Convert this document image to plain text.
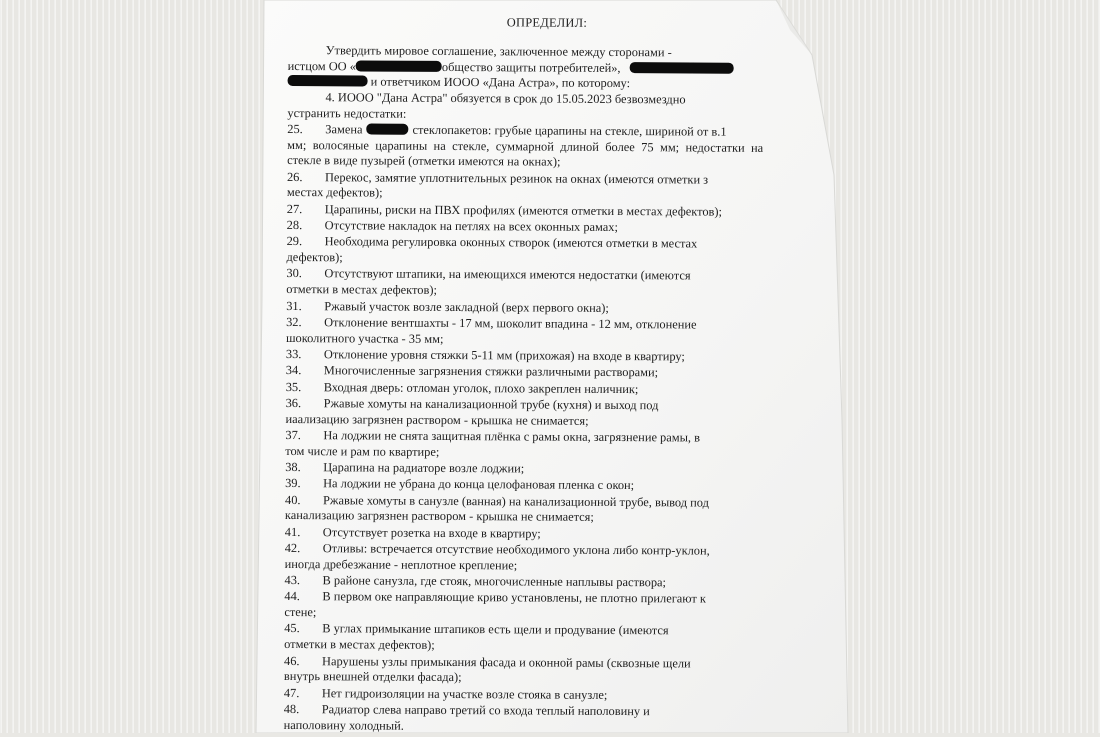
ОПРЕДЕЛИЛ:

Утвердить мировое соглашение, заключенное между сторонами -
истцом ОО «	общество защиты потребителей»,
и ответчиком ИООО «Дана Астра», по которому:
4. ИООО "Дана Астра" обязуется в срок до 15.05.2023 безвозмездно
устранить недостатки:

25.	Замена	стеклопакетов: грубые царапины на стекле, шириной от в.1
мм; волосяные царапины на стекле, суммарной длиной более 75 мм; недостатки на стекле в виде пузырей (отметки имеются на окнах);
26.	Перекос, замятие уплотнительных резинок на окнах (имеются отметки з
местах дефектов);
27.	Царапины, риски на ПВХ профилях (имеются отметки в местах дефектов);
28.	Отсутствие накладок на петлях на всех оконных рамах;
29.	Необходима регулировка оконных створок (имеются отметки в местах
дефектов);
30.	Отсутствуют штапики, на имеющихся имеются недостатки (имеются
отметки в местах дефектов);
31.	Ржавый участок возле закладной (верх первого окна);
32.	Отклонение вентшахты - 17 мм, шоколит впадина - 12 мм, отклонение
шоколитного участка - 35 мм;
33.	Отклонение уровня стяжки 5-11 мм (прихожая) на входе в квартиру;
34.	Многочисленные загрязнения стяжки различными растворами;
35.	Входная дверь: отломан уголок, плохо закреплен наличник;
36.	Ржавые хомуты на канализационной трубе (кухня) и выход под
иаализацию загрязнен раствором - крышка не снимается;
37.	На лоджии не снята защитная плёнка с рамы окна, загрязнение рамы, в
том числе и рам по квартире;
38.	Царапина на радиаторе возле лоджии;
39.	На лоджии не убрана до конца целофановая пленка с окон;
40.	Ржавые хомуты в санузле (ванная) на канализационной трубе, вывод под
канализацию загрязнен раствором - крышка не снимается;
41.	Отсутствует розетка на входе в квартиру;
42.	Отливы: встречается отсутствие необходимого уклона либо контр-уклон,
иногда дребезжание - неплотное крепление;
43.	В районе санузла, где стояк, многочисленные наплывы раствора;
44.	В первом оке направляющие криво установлены, не плотно прилегают к
стене;
45.	В углах примыкание штапиков есть щели и продувание (имеются
отметки в местах дефектов);
46.	Нарушены узлы примыкания фасада и оконной рамы (сквозные щели
внутрь внешней отделки фасада);
47.	Нет гидроизоляции на участке возле стояка в санузле;
48.	Радиатор слева направо третий со входа теплый наполовину и
наполовину холодный.
